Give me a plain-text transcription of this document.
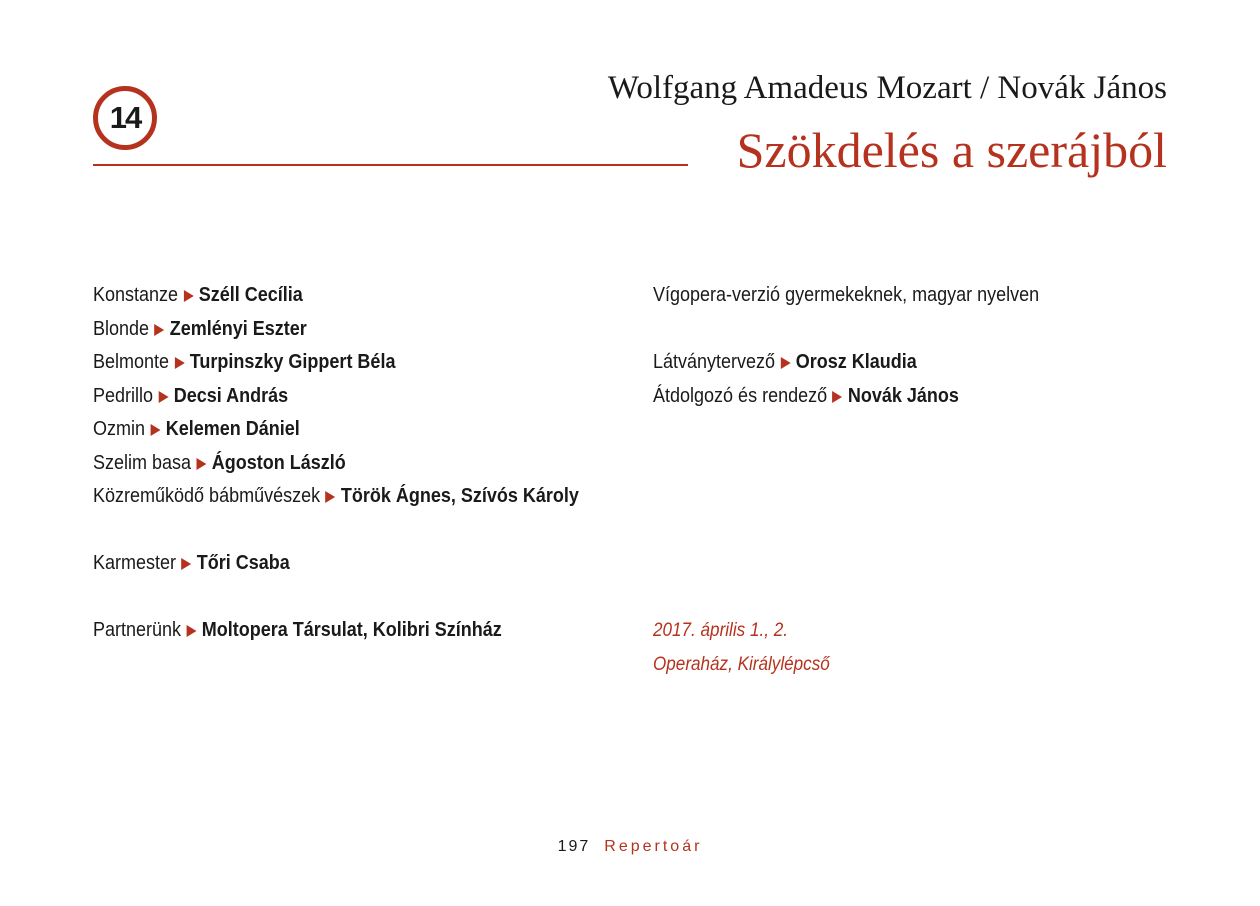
14
Wolfgang Amadeus Mozart / Novák János
Szökdelés a szerájból
Konstanze Széll Cecília
Blonde Zemlényi Eszter
Belmonte Turpinszky Gippert Béla
Pedrillo Decsi András
Ozmin Kelemen Dániel
Szelim basa Ágoston László
Közreműködő bábművészek Török Ágnes, Szívós Károly
Karmester Tőri Csaba
Partnerünk Moltopera Társulat, Kolibri Színház
Vígopera-verzió gyermekeknek, magyar nyelven
Látványtervező Orosz Klaudia
Átdolgozó és rendező Novák János
2017. április 1., 2.
Operaház, Királylépcső
197 Repertoár
